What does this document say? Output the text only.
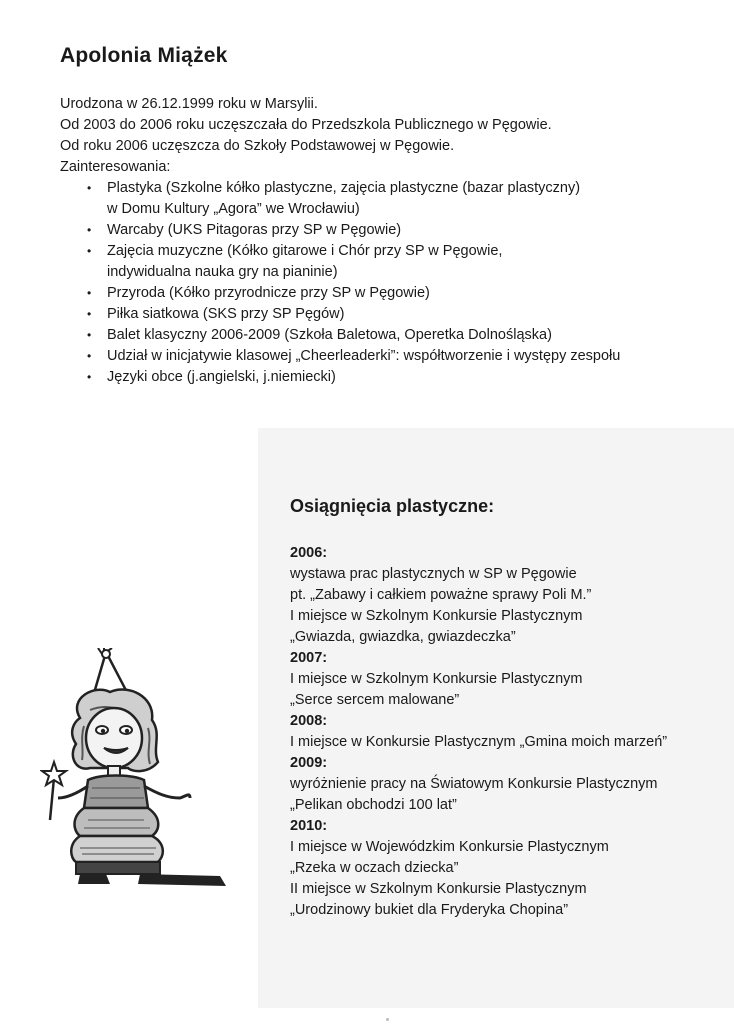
Apolonia Miążek

Urodzona w 26.12.1999 roku w Marsylii.

Od 2003 do 2006 roku uczęszczała do Przedszkola Publicznego w Pęgowie.

Od roku 2006 uczęszcza do Szkoły Podstawowej w Pęgowie.

Zainteresowania:

• Plastyka (Szkolne kółko plastyczne, zajęcia plastyczne (bazar plastyczny)
w Domu Kultury „Agora” we Wrocławiu)
• Warcaby (UKS Pitagoras przy SP w Pęgowie)
• Zajęcia muzyczne (Kółko gitarowe i Chór przy SP w Pęgowie,
indywidualna nauka gry na pianinie)
• Przyroda (Kółko przyrodnicze przy SP w Pęgowie)
• Piłka siatkowa (SKS przy SP Pęgów)
• Balet klasyczny 2006-2009 (Szkoła Baletowa, Operetka Dolnośląska)
• Udział w inicjatywie klasowej „Cheerleaderki”: współtworzenie i występy zespołu
• Języki obce (j.angielski, j.niemiecki)
Osiągnięcia plastyczne:
2006:
wystawa prac plastycznych w SP w Pęgowie
pt. „Zabawy i całkiem poważne sprawy Poli M.”
I miejsce w Szkolnym Konkursie Plastycznym
„Gwiazda, gwiazdka, gwiazdeczka”
2007:
I miejsce w Szkolnym Konkursie Plastycznym
„Serce sercem malowane”
2008:
I miejsce w Konkursie Plastycznym „Gmina moich marzeń”
2009:
wyróżnienie pracy na Światowym Konkursie Plastycznym
„Pelikan obchodzi 100 lat”
2010:
I miejsce w Wojewódzkim Konkursie Plastycznym
„Rzeka w oczach dziecka”
II miejsce w Szkolnym Konkursie Plastycznym
„Urodzinowy bukiet dla Fryderyka Chopina”
